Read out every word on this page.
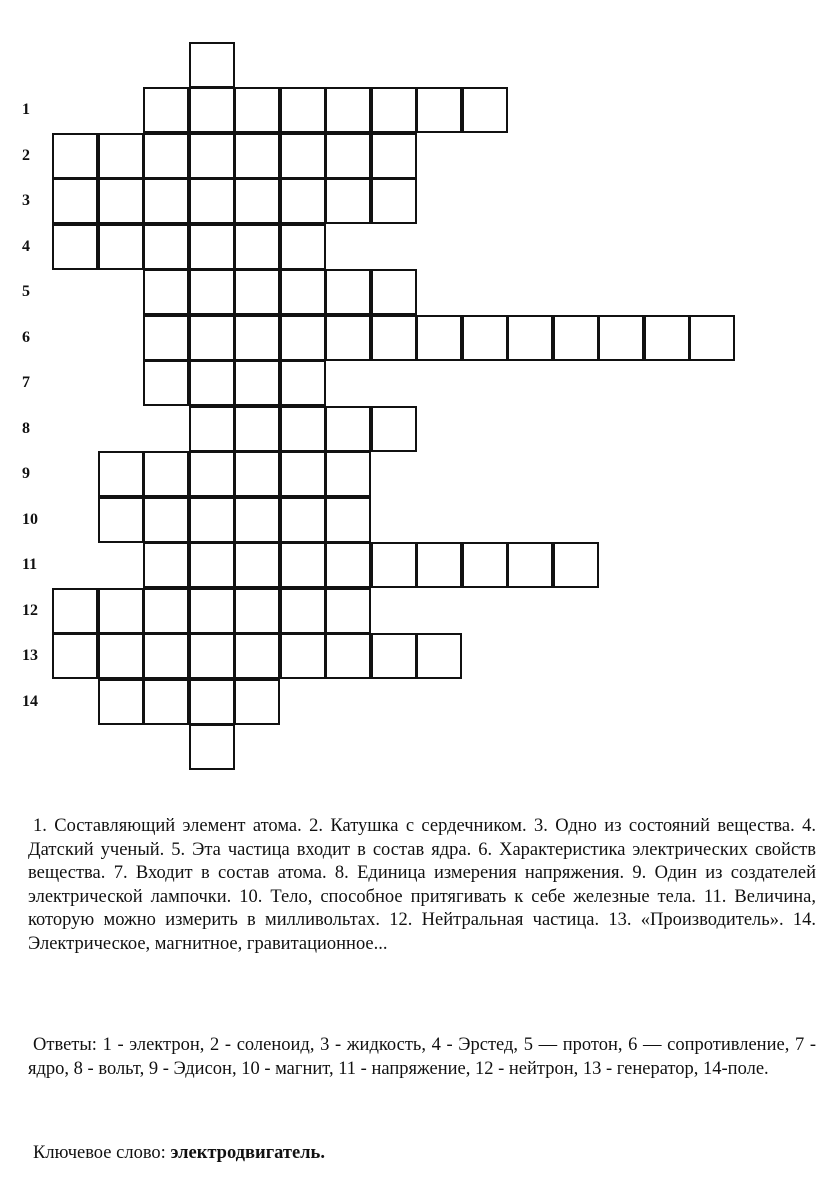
1
2
3
4
5
6
7
8
9
10
11
12
13
14

1. Составляющий элемент атома. 2. Катушка с сердечником. 3. Одно из состояний вещества. 4. Датский ученый. 5. Эта частица входит в состав ядра. 6. Характеристика электрических свойств вещества. 7. Входит в состав атома. 8. Единица измерения напряжения. 9. Один из создателей электрической лампочки. 10. Тело, способное притягивать к себе железные тела. 11. Величина, которую можно измерить в милливольтах. 12. Нейтральная частица. 13. «Производитель». 14. Электрическое, магнитное, гравитационное...

Ответы: 1 - электрон, 2 - соленоид, 3 - жидкость, 4 - Эрстед, 5 — протон, 6 — сопротивление, 7 - ядро, 8 - вольт, 9 - Эдисон, 10 - магнит, 11 - напряжение, 12 - нейтрон, 13 - генератор, 14-поле.

Ключевое слово: электродвигатель.
